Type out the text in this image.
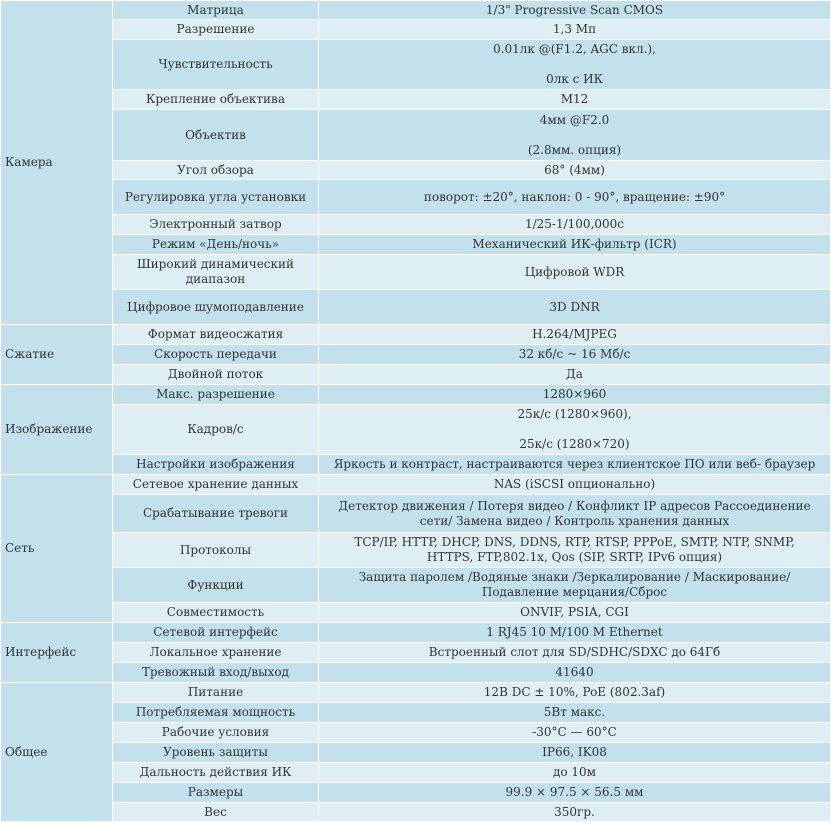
Камера	Матрица	1/3" Progressive Scan CMOS

	Разрешение	1,3 Мп

	Чувствительность	0.01лк @(F1.2, AGC вкл.),
0лк с ИК

	Крепление объектива	M12

	Объектив	4мм @F2.0
(2.8мм. опция)

	Угол обзора	68° (4мм)

	Регулировка угла установки	поворот: ±20°, наклон: 0 - 90°, вращение: ±90°

	Электронный затвор	1/25-1/100,000с

	Режим «День/ночь»	Механический ИК-фильтр (ICR)

	Широкий динамический диапазон	Цифровой WDR

	Цифровое шумоподавление	3D DNR

Сжатие	Формат видеосжатия	H.264/MJPEG

	Скорость передачи	32 кб/с ~ 16 Мб/с

	Двойной поток	Да

Изображение	Макс. разрешение	1280×960

	Кадров/с	25к/с (1280×960),
25к/с (1280×720)

	Настройки изображения	Яркость и контраст, настраиваются через клиентское ПО или веб- браузер

Сеть	Сетевое хранение данных	NAS (iSCSI опционально)

	Срабатывание тревоги	Детектор движения / Потеря видео / Конфликт IP адресов Рассоединение
сети/ Замена видео / Контроль хранения данных

	Протоколы	TCP/IP, HTTP, DHCP, DNS, DDNS, RTP, RTSP, PPPoE, SMTP, NTP, SNMP,
HTTPS, FTP,802.1x, Qos (SIP, SRTP, IPv6 опция)

	Функции	Защита паролем /Водяные знаки /Зеркалирование / Маскирование/
Подавление мерцания/Сброс

	Совместимость	ONVIF, PSIA, CGI

Интерфейс	Сетевой интерфейс	1 RJ45 10 M/100 M Ethernet

	Локальное хранение	Встроенный слот для SD/SDHC/SDXC до 64Гб

	Тревожный вход/выход	41640

Общее	Питание	12В DC ± 10%, PoE (802.3af)

	Потребляемая мощность	5Вт макс.

	Рабочие условия	-30°C — 60°C

	Уровень защиты	IP66, IK08

	Дальность действия ИК	до 10м

	Размеры	99.9 × 97.5 × 56.5 мм

	Вес	350гр.
